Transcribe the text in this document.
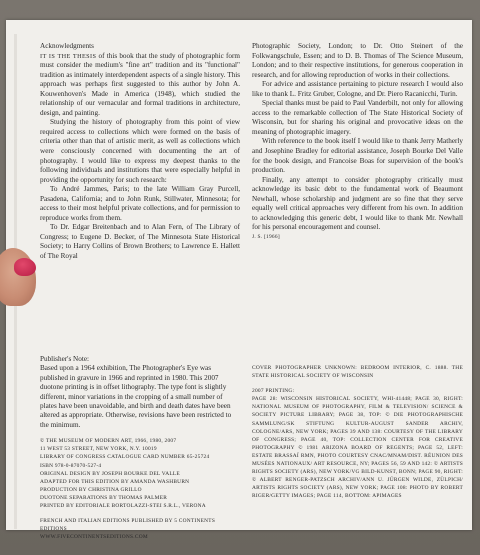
Acknowledgments

IT IS THE THESIS of this book that the study of photographic form must consider the medium's "fine art" tradition and its "functional" tradition as intimately interdependent aspects of a single history. This approach was perhaps first suggested to this author by John A. Kouwenhoven's Made in America (1948), which studied the relationship of our vernacular and formal traditions in architecture, design, and painting.

Studying the history of photography from this point of view required access to collections which were formed on the basis of criteria other than that of artistic merit, as well as collections which were consciously concerned with documenting the art of photography. I would like to express my deepest thanks to the following individuals and institutions that were especially helpful in providing the opportunity for such research:

To André Jammes, Paris; to the late William Gray Purcell, Pasadena, California; and to John Runk, Stillwater, Minnesota; for access to their most helpful private collections, and for permission to reproduce works from them.

To Dr. Edgar Breitenbach and to Alan Fern, of The Library of Congress; to Eugene D. Becker, of The Minnesota State Historical Society; to Harry Collins of Brown Brothers; to Lawrence E. Hallett of The Royal

Photographic Society, London; to Dr. Otto Steinert of the Folkwangschule, Essen; and to D. B. Thomas of The Science Museum, London; and to their respective institutions, for generous cooperation in research, and for allowing reproduction of works in their collections.

For advice and assistance pertaining to picture research I would also like to thank L. Fritz Gruber, Cologne, and Dr. Piero Racanicchi, Turin.

Special thanks must be paid to Paul Vanderbilt, not only for allowing access to the remarkable collection of The State Historical Society of Wisconsin, but for sharing his original and provocative ideas on the meaning of photographic imagery.

With reference to the book itself I would like to thank Jerry Matherly and Josephine Bradley for editorial assistance, Joseph Bourke Del Valle for the book design, and Francoise Boas for supervision of the book's production.

Finally, any attempt to consider photography critically must acknowledge its basic debt to the fundamental work of Beaumont Newhall, whose scholarship and judgment are so fine that they serve equally well critical approaches very different from his own. In addition to acknowledging this generic debt, I would like to thank Mr. Newhall for his personal encouragement and counsel.

J. S. [1966]

Publisher's Note:

Based upon a 1964 exhibition, The Photographer's Eye was published in gravure in 1966 and reprinted in 1980. This 2007 duotone printing is in offset lithography. The type font is slightly different, minor variations in the cropping of a small number of plates have been unavoidable, and birth and death dates have been altered as appropriate. Otherwise, revisions have been restricted to the minimum.

© THE MUSEUM OF MODERN ART, 1966, 1980, 2007
11 WEST 53 STREET, NEW YORK, N.Y. 10019
LIBRARY OF CONGRESS CATALOGUE CARD NUMBER 65-25724
ISBN 978-0-87070-527-4
ORIGINAL DESIGN BY JOSEPH BOURKE DEL VALLE
ADAPTED FOR THIS EDITION BY AMANDA WASHBURN
PRODUCTION BY CHRISTINA GRILLO
DUOTONE SEPARATIONS BY THOMAS PALMER
PRINTED BY EDITORIALE BORTOLAZZI-STEI S.R.L., VERONA
FRENCH AND ITALIAN EDITIONS PUBLISHED BY 5 CONTINENTS EDITIONS
WWW.FIVECONTINENTSEDITIONS.COM

COVER PHOTOGRAPHER UNKNOWN: BEDROOM INTERIOR, C. 1888. THE STATE HISTORICAL SOCIETY OF WISCONSIN

2007 PRINTING:

PAGE 28: WISCONSIN HISTORICAL SOCIETY, WHI-41448; PAGE 30, RIGHT: NATIONAL MUSEUM OF PHOTOGRAPHY, FILM & TELEVISION/ SCIENCE & SOCIETY PICTURE LIBRARY; PAGE 38, TOP: © DIE PHOTOGRAPHISCHE SAMMLUNG/SK STIFTUNG KULTUR-AUGUST SANDER ARCHIV, COLOGNE/ARS, NEW YORK; PAGES 39 AND 138: COURTESY OF THE LIBRARY OF CONGRESS; PAGE 40, TOP: COLLECTION CENTER FOR CREATIVE PHOTOGRAPHY © 1981 ARIZONA BOARD OF REGENTS; PAGE 52, LEFT: ESTATE BRASSAÏ RMN, PHOTO COURTESY CNAC/MNAM/DIST. RÉUNION DES MUSÉES NATIONAUX/ ART RESOURCE, NY; PAGES 56, 59 AND 142: © ARTISTS RIGHTS SOCIETY (ARS), NEW YORK/VG BILD-KUNST, BONN; PAGE 90, RIGHT: © ALBERT RENGER-PATZSCH ARCHIV/ANN U. JÜRGEN WILDE, ZÜLPICH/ ARTISTS RIGHTS SOCIETY (ARS), NEW YORK; PAGE 108: PHOTO BY ROBERT RIGER/GETTY IMAGES; PAGE 114, BOTTOM: APIMAGES
